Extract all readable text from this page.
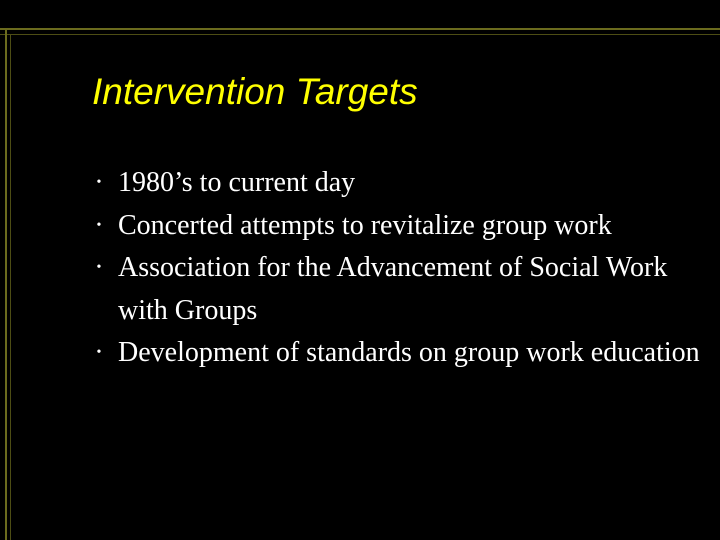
Intervention Targets
• 1980’s to current day
• Concerted attempts to revitalize group work
• Association for the Advancement of Social Work with Groups
• Development of standards on group work education
